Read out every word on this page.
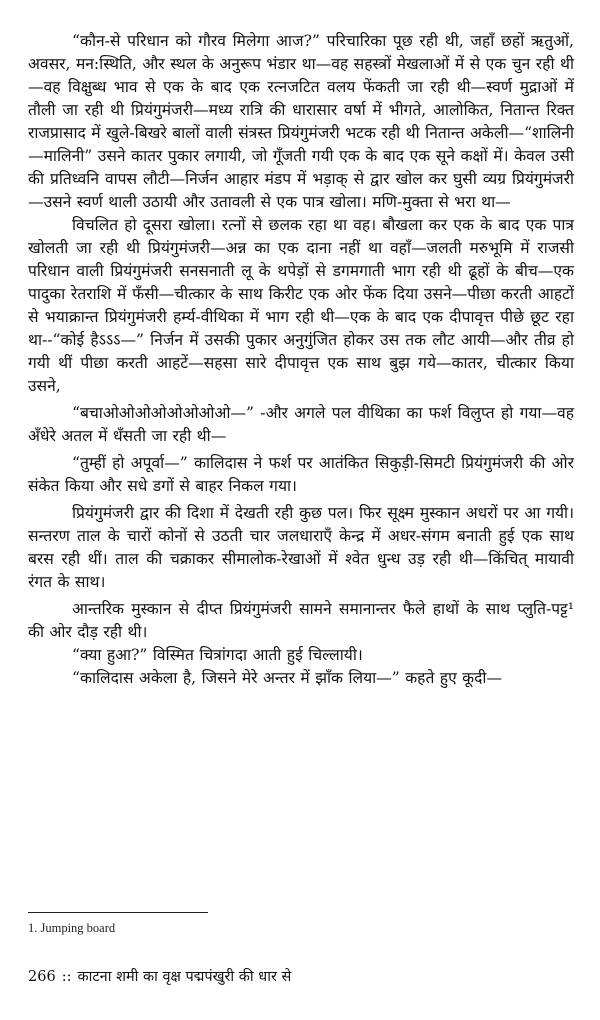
“कौन-से परिधान को गौरव मिलेगा आज?” परिचारिका पूछ रही थी, जहाँ छहों ऋतुओं, अवसर, मन:स्थिति, और स्थल के अनुरूप भंडार था—वह सहस्त्रों मेखलाओं में से एक चुन रही थी—वह विक्षुब्ध भाव से एक के बाद एक रत्नजटित वलय फेंकती जा रही थी—स्वर्ण मुद्राओं में तौली जा रही थी प्रियंगुमंजरी—मध्य रात्रि की धारासार वर्षा में भीगते, आलोकित, नितान्त रिक्त राजप्रासाद में खुले-बिखरे बालों वाली संत्रस्त प्रियंगुमंजरी भटक रही थी नितान्त अकेली—“शालिनी—मालिनी” उसने कातर पुकार लगायी, जो गूँजती गयी एक के बाद एक सूने कक्षों में। केवल उसी की प्रतिध्वनि वापस लौटी—निर्जन आहार मंडप में भड़ाक् से द्वार खोल कर घुसी व्यग्र प्रियंगुमंजरी—उसने स्वर्ण थाली उठायी और उतावली से एक पात्र खोला। मणि-मुक्ता से भरा था—

विचलित हो दूसरा खोला। रत्नों से छलक रहा था वह। बौखला कर एक के बाद एक पात्र खोलती जा रही थी प्रियंगुमंजरी—अन्न का एक दाना नहीं था वहाँ—जलती मरुभूमि में राजसी परिधान वाली प्रियंगुमंजरी सनसनाती लू के थपेड़ों से डगमगाती भाग रही थी ढूहों के बीच—एक पादुका रेतराशि में फँसी—चीत्कार के साथ किरीट एक ओर फेंक दिया उसने—पीछा करती आहटों से भयाक्रान्त प्रियंगुमंजरी हर्म्य-वीथिका में भाग रही थी—एक के बाद एक दीपावृत्त पीछे छूट रहा था--“कोई हैऽऽऽ—” निर्जन में उसकी पुकार अनुगुंजित होकर उस तक लौट आयी—और तीव्र हो गयी थीं पीछा करती आहटें—सहसा सारे दीपावृत्त एक साथ बुझ गये—कातर, चीत्कार किया उसने,

“बचाओओओओओओओओ—” -और अगले पल वीथिका का फर्श विलुप्त हो गया—वह अँधेरे अतल में धँसती जा रही थी—

“तुम्हीं हो अपूर्वा—” कालिदास ने फर्श पर आतंकित सिकुड़ी-सिमटी प्रियंगुमंजरी की ओर संकेत किया और सधे डगों से बाहर निकल गया।

प्रियंगुमंजरी द्वार की दिशा में देखती रही कुछ पल। फिर सूक्ष्म मुस्कान अधरों पर आ गयी। सन्तरण ताल के चारों कोनों से उठती चार जलधाराएँ केन्द्र में अधर-संगम बनाती हुई एक साथ बरस रही थीं। ताल की चक्राकर सीमालोक-रेखाओं में श्वेत धुन्ध उड़ रही थी—किंचित् मायावी रंगत के साथ।

आन्तरिक मुस्कान से दीप्त प्रियंगुमंजरी सामने समानान्तर फैले हाथों के साथ प्लुति-पट्ट¹ की ओर दौड़ रही थी।

“क्या हुआ?” विस्मित चित्रांगदा आती हुई चिल्लायी।

“कालिदास अकेला है, जिसने मेरे अन्तर में झाँक लिया—” कहते हुए कूदी—

1. Jumping board
266 :: काटना शमी का वृक्ष पद्मपंखुरी की धार से
